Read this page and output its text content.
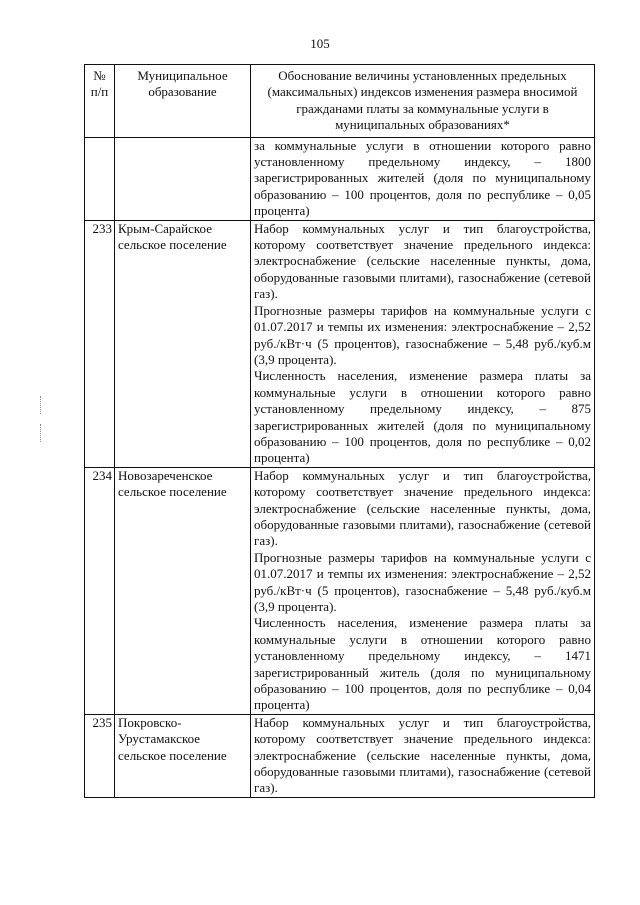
105
№ п/п	Муниципальное образование	Обоснование величины установленных предельных (максимальных) индексов изменения размера вносимой гражданами платы за коммунальные услуги в муниципальных образованиях*

		за коммунальные услуги в отношении которого равно установленному предельному индексу, – 1800 зарегистрированных жителей (доля по муниципальному образованию – 100 процентов, доля по республике – 0,05 процента)

233	Крым-Сарайское сельское поселение	Набор коммунальных услуг и тип благоустройства, которому соответствует значение предельного индекса: электроснабжение (сельские населенные пункты, дома, оборудованные газовыми плитами), газоснабжение (сетевой газ).

Прогнозные размеры тарифов на коммунальные услуги с 01.07.2017 и темпы их изменения: электроснабжение – 2,52 руб./кВт·ч (5 процентов), газоснабжение – 5,48 руб./куб.м (3,9 процента).

Численность населения, изменение размера платы за коммунальные услуги в отношении которого равно установленному предельному индексу, – 875 зарегистрированных жителей (доля по муниципальному образованию – 100 процентов, доля по республике – 0,02 процента)

234	Новозареченское сельское поселение	Набор коммунальных услуг и тип благоустройства, которому соответствует значение предельного индекса: электроснабжение (сельские населенные пункты, дома, оборудованные газовыми плитами), газоснабжение (сетевой газ).

Прогнозные размеры тарифов на коммунальные услуги с 01.07.2017 и темпы их изменения: электроснабжение – 2,52 руб./кВт·ч (5 процентов), газоснабжение – 5,48 руб./куб.м (3,9 процента).

Численность населения, изменение размера платы за коммунальные услуги в отношении которого равно установленному предельному индексу, – 1471 зарегистрированный житель (доля по муниципальному образованию – 100 процентов, доля по республике – 0,04 процента)

235	Покровско-Урустамакское сельское поселение	Набор коммунальных услуг и тип благоустройства, которому соответствует значение предельного индекса: электроснабжение (сельские населенные пункты, дома, оборудованные газовыми плитами), газоснабжение (сетевой газ).
